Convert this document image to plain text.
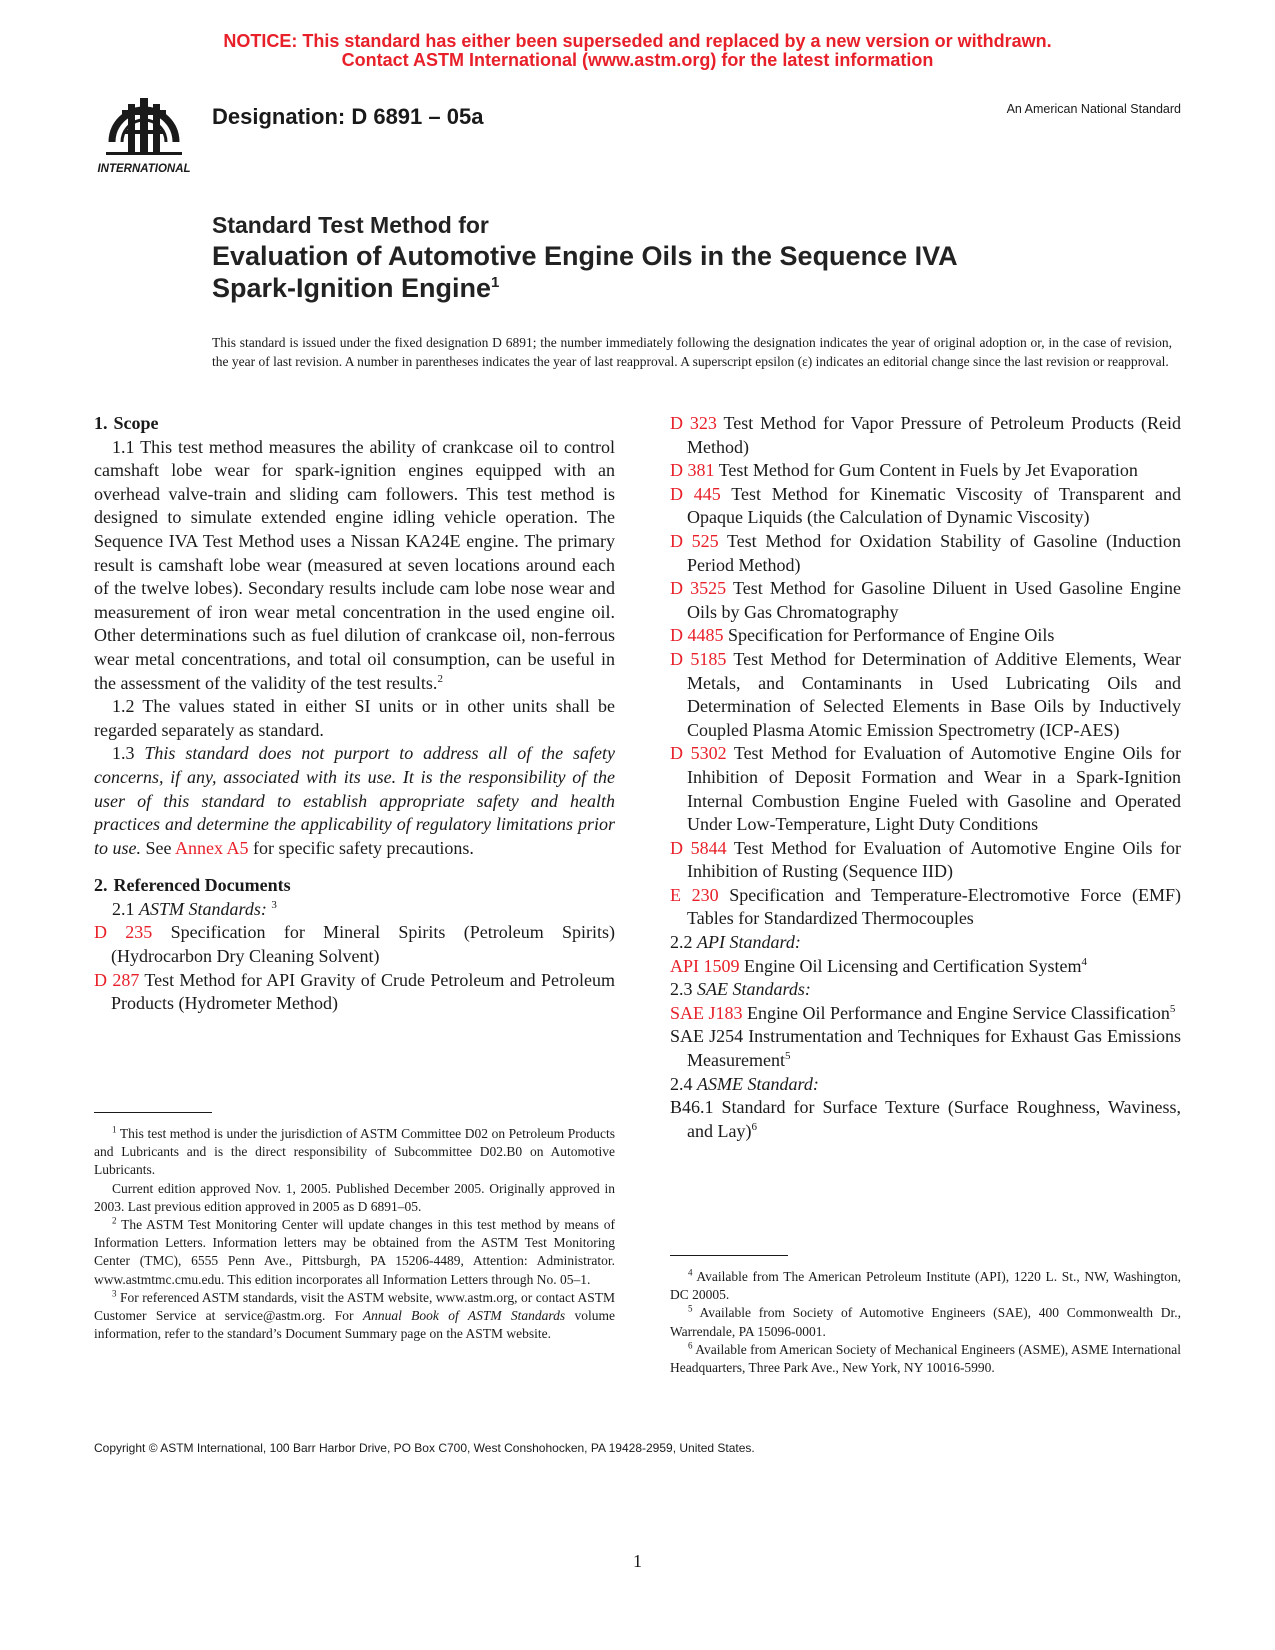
NOTICE: This standard has either been superseded and replaced by a new version or withdrawn.
Contact ASTM International (www.astm.org) for the latest information
INTERNATIONAL
Designation: D 6891 – 05a	An American National Standard
Standard Test Method for
Evaluation of Automotive Engine Oils in the Sequence IVA
Spark-Ignition Engine$^1$
This standard is issued under the fixed designation D 6891; the number immediately following the designation indicates the year of original adoption or, in the case of revision, the year of last revision. A number in parentheses indicates the year of last reapproval. A superscript epsilon (ε) indicates an editorial change since the last revision or reapproval.

1. Scope

1.1 This test method measures the ability of crankcase oil to control camshaft lobe wear for spark-ignition engines equipped with an overhead valve-train and sliding cam followers. This test method is designed to simulate extended engine idling vehicle operation. The Sequence IVA Test Method uses a Nissan KA24E engine. The primary result is camshaft lobe wear (measured at seven locations around each of the twelve lobes). Secondary results include cam lobe nose wear and measurement of iron wear metal concentration in the used engine oil. Other determinations such as fuel dilution of crankcase oil, non-ferrous wear metal concentrations, and total oil consumption, can be useful in the assessment of the validity of the test results.$^2$

1.2 The values stated in either SI units or in other units shall be regarded separately as standard.

1.3 This standard does not purport to address all of the safety concerns, if any, associated with its use. It is the responsibility of the user of this standard to establish appropriate safety and health practices and determine the applicability of regulatory limitations prior to use. See Annex A5 for specific safety precautions.

2. Referenced Documents

2.1 ASTM Standards: $^3$

D 235 Specification for Mineral Spirits (Petroleum Spirits) (Hydrocarbon Dry Cleaning Solvent)

D 287 Test Method for API Gravity of Crude Petroleum and Petroleum Products (Hydrometer Method)

$^1$ This test method is under the jurisdiction of ASTM Committee D02 on Petroleum Products and Lubricants and is the direct responsibility of Subcommittee D02.B0 on Automotive Lubricants.

Current edition approved Nov. 1, 2005. Published December 2005. Originally approved in 2003. Last previous edition approved in 2005 as D 6891–05.

$^2$ The ASTM Test Monitoring Center will update changes in this test method by means of Information Letters. Information letters may be obtained from the ASTM Test Monitoring Center (TMC), 6555 Penn Ave., Pittsburgh, PA 15206-4489, Attention: Administrator. www.astmtmc.cmu.edu. This edition incorporates all Information Letters through No. 05–1.

$^3$ For referenced ASTM standards, visit the ASTM website, www.astm.org, or contact ASTM Customer Service at service@astm.org. For Annual Book of ASTM Standards volume information, refer to the standard’s Document Summary page on the ASTM website.

D 323 Test Method for Vapor Pressure of Petroleum Products (Reid Method)

D 381 Test Method for Gum Content in Fuels by Jet Evaporation

D 445 Test Method for Kinematic Viscosity of Transparent and Opaque Liquids (the Calculation of Dynamic Viscosity)

D 525 Test Method for Oxidation Stability of Gasoline (Induction Period Method)

D 3525 Test Method for Gasoline Diluent in Used Gasoline Engine Oils by Gas Chromatography

D 4485 Specification for Performance of Engine Oils

D 5185 Test Method for Determination of Additive Elements, Wear Metals, and Contaminants in Used Lubricating Oils and Determination of Selected Elements in Base Oils by Inductively Coupled Plasma Atomic Emission Spectrometry (ICP-AES)

D 5302 Test Method for Evaluation of Automotive Engine Oils for Inhibition of Deposit Formation and Wear in a Spark-Ignition Internal Combustion Engine Fueled with Gasoline and Operated Under Low-Temperature, Light Duty Conditions

D 5844 Test Method for Evaluation of Automotive Engine Oils for Inhibition of Rusting (Sequence IID)

E 230 Specification and Temperature-Electromotive Force (EMF) Tables for Standardized Thermocouples

2.2 API Standard:

API 1509 Engine Oil Licensing and Certification System$^4$

2.3 SAE Standards:

SAE J183 Engine Oil Performance and Engine Service Classification$^5$

SAE J254 Instrumentation and Techniques for Exhaust Gas Emissions Measurement$^5$

2.4 ASME Standard:

B46.1 Standard for Surface Texture (Surface Roughness, Waviness, and Lay)$^6$

$^4$ Available from The American Petroleum Institute (API), 1220 L. St., NW, Washington, DC 20005.

$^5$ Available from Society of Automotive Engineers (SAE), 400 Commonwealth Dr., Warrendale, PA 15096-0001.

$^6$ Available from American Society of Mechanical Engineers (ASME), ASME International Headquarters, Three Park Ave., New York, NY 10016-5990.

Copyright © ASTM International, 100 Barr Harbor Drive, PO Box C700, West Conshohocken, PA 19428-2959, United States.
1
